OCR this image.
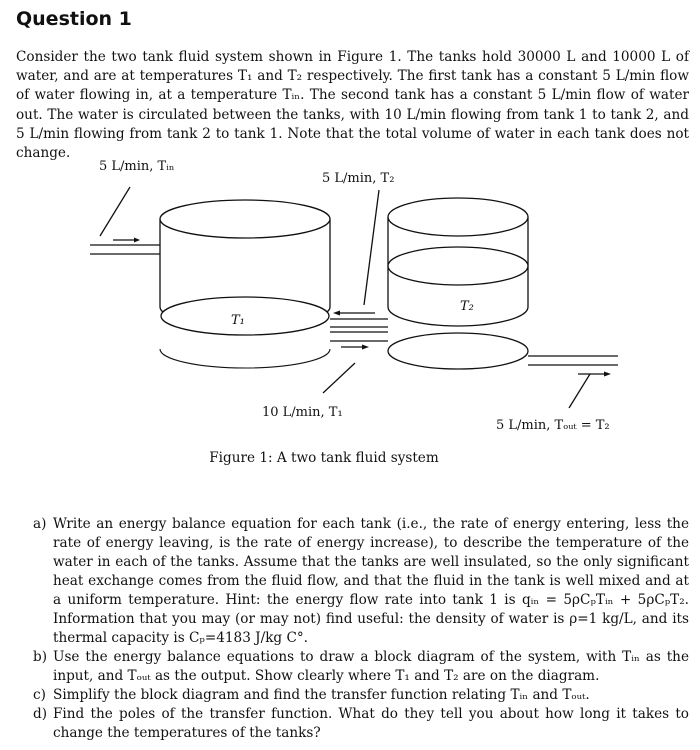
Question 1

Consider the two tank fluid system shown in Figure 1. The tanks hold 30000 L and 10000 L of water, and are at temperatures T₁ and T₂ respectively. The first tank has a constant 5 L/min flow of water flowing in, at a temperature Tᵢₙ. The second tank has a constant 5 L/min flow of water out. The water is circulated between the tanks, with 10 L/min flowing from tank 1 to tank 2, and 5 L/min flowing from tank 2 to tank 1. Note that the total volume of water in each tank does not change.

5 L/min, Tᵢₙ
5 L/min, T₂
T₁
T₂
10 L/min, T₁
5 L/min, Tₒᵤₜ = T₂
Figure 1: A two tank fluid system
a) Write an energy balance equation for each tank (i.e., the rate of energy entering, less the rate of energy leaving, is the rate of energy increase), to describe the temperature of the water in each of the tanks. Assume that the tanks are well insulated, so the only significant heat exchange comes from the fluid flow, and that the fluid in the tank is well mixed and at a uniform temperature. Hint: the energy flow rate into tank 1 is qᵢₙ = 5ρCₚTᵢₙ + 5ρCₚT₂. Information that you may (or may not) find useful: the density of water is ρ=1 kg/L, and its thermal capacity is Cₚ=4183 J/kg C°.
b) Use the energy balance equations to draw a block diagram of the system, with Tᵢₙ as the input, and Tₒᵤₜ as the output. Show clearly where T₁ and T₂ are on the diagram.
c) Simplify the block diagram and find the transfer function relating Tᵢₙ and Tₒᵤₜ.
d) Find the poles of the transfer function. What do they tell you about how long it takes to change the temperatures of the tanks?
